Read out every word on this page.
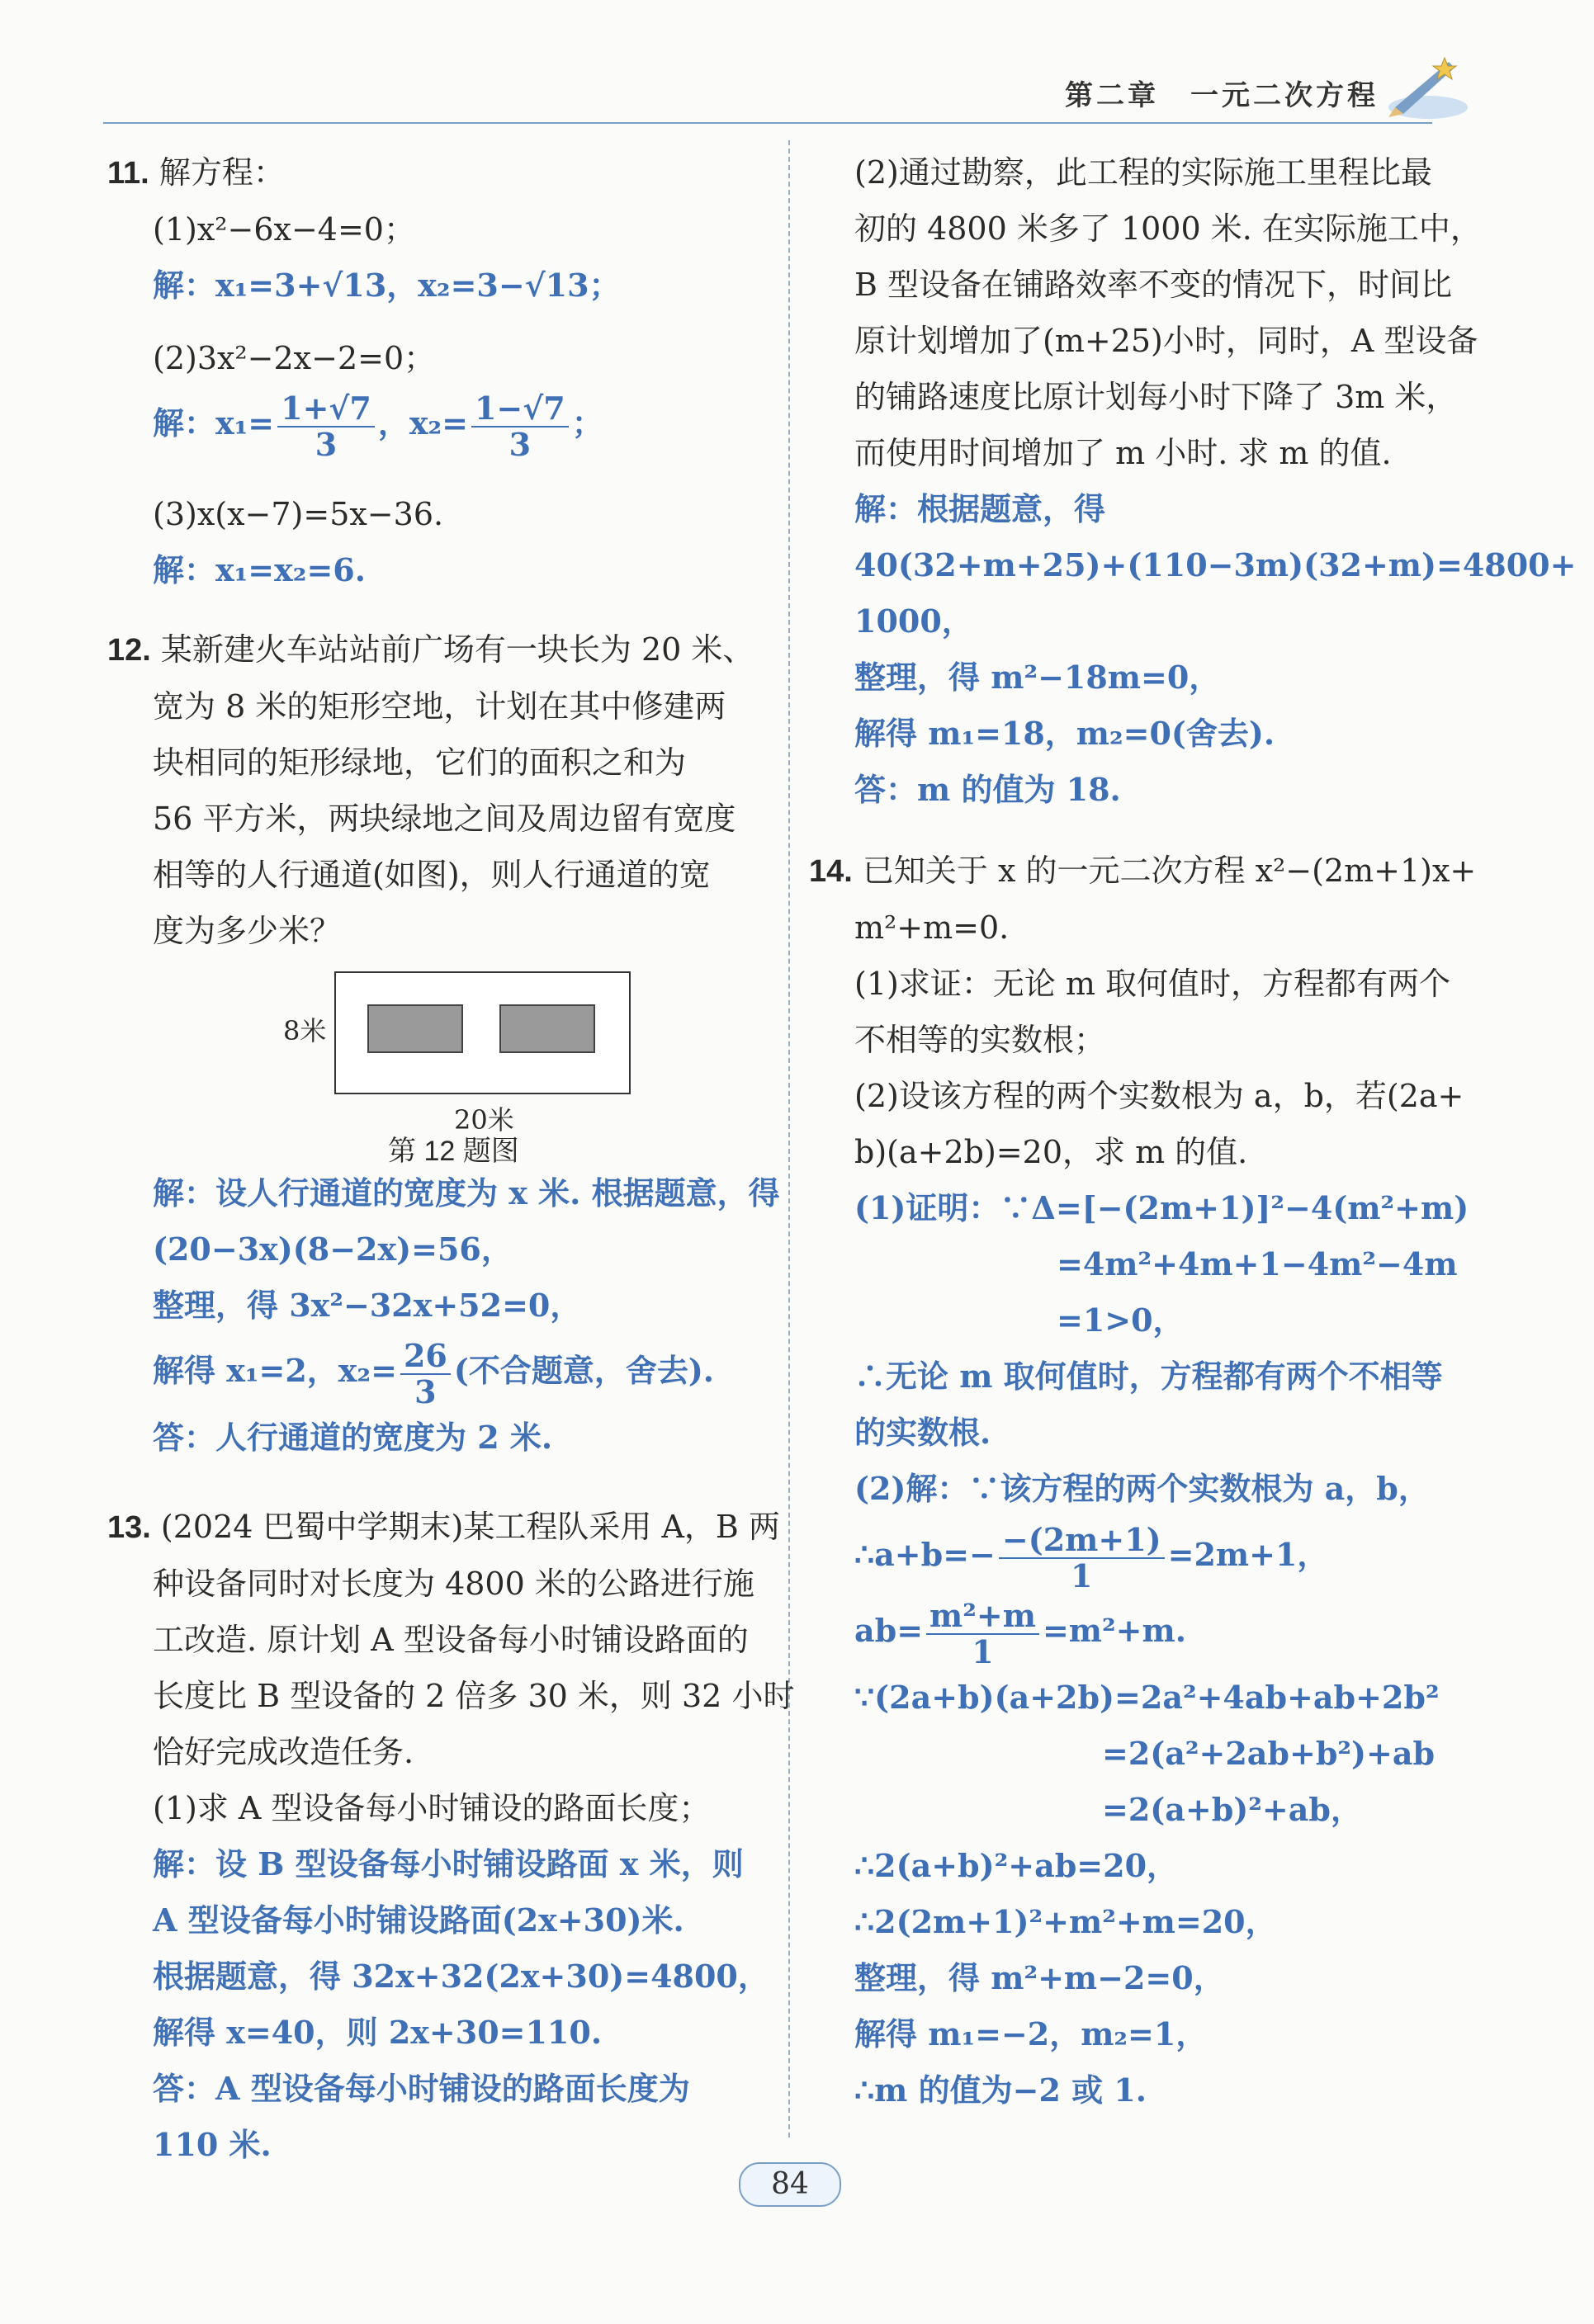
第二章　一元二次方程
11. 解方程：
(1)x²−6x−4=0；
解：x₁=3+√13，x₂=3−√13；
(2)3x²−2x−2=0；
解：$x_1= \frac{1+√7}{3}$ ，$x_2= \frac{1-√7}{3}$ ；
(3)x(x−7)=5x−36.
解：x₁=x₂=6.
12. 某新建火车站站前广场有一块长为 20 米、
宽为 8 米的矩形空地，计划在其中修建两
块相同的矩形绿地，它们的面积之和为
56 平方米，两块绿地之间及周边留有宽度
相等的人行通道(如图)，则人行通道的宽
度为多少米？
8米
20米
第 12 题图
解：设人行通道的宽度为 x 米. 根据题意，得
(20−3x)(8−2x)=56，
整理，得 3x²−32x+52=0，
解得 x₁=2，$x_2= \frac{26}{3}$ (不合题意，舍去).
答：人行通道的宽度为 2 米.
13. (2024 巴蜀中学期末)某工程队采用 A，B 两
种设备同时对长度为 4800 米的公路进行施
工改造. 原计划 A 型设备每小时铺设路面的
长度比 B 型设备的 2 倍多 30 米，则 32 小时
恰好完成改造任务.
(1)求 A 型设备每小时铺设的路面长度；
解：设 B 型设备每小时铺设路面 x 米，则
A 型设备每小时铺设路面(2x+30)米.
根据题意，得 32x+32(2x+30)=4800，
解得 x=40，则 2x+30=110.
答：A 型设备每小时铺设的路面长度为
110 米.
(2)通过勘察，此工程的实际施工里程比最
初的 4800 米多了 1000 米. 在实际施工中，
B 型设备在铺路效率不变的情况下，时间比
原计划增加了(m+25)小时，同时，A 型设备
的铺路速度比原计划每小时下降了 3m 米，
而使用时间增加了 m 小时. 求 m 的值.
解：根据题意，得
40(32+m+25)+(110−3m)(32+m)=4800+
1000，
整理，得 m²−18m=0，
解得 m₁=18，m₂=0(舍去).
答：m 的值为 18.
14. 已知关于 x 的一元二次方程 x²−(2m+1)x+
m²+m=0.
(1)求证：无论 m 取何值时，方程都有两个
不相等的实数根；
(2)设该方程的两个实数根为 a，b，若(2a+
b)(a+2b)=20，求 m 的值.
(1)证明：∵Δ=[−(2m+1)]²−4(m²+m)
=4m²+4m+1−4m²−4m
=1>0，
∴无论 m 取何值时，方程都有两个不相等
的实数根.
(2)解：∵该方程的两个实数根为 a，b，
∴a+b=− $\frac{-(2m+1)}{1} =2m+1$，
$ab= \frac{\text{m²+m}}{1} =m^2+m$.
∵(2a+b)(a+2b)=2a²+4ab+ab+2b²
=2(a²+2ab+b²)+ab
=2(a+b)²+ab，
∴2(a+b)²+ab=20，
∴2(2m+1)²+m²+m=20，
整理，得 m²+m−2=0，
解得 m₁=−2，m₂=1，
∴m 的值为−2 或 1.
84
